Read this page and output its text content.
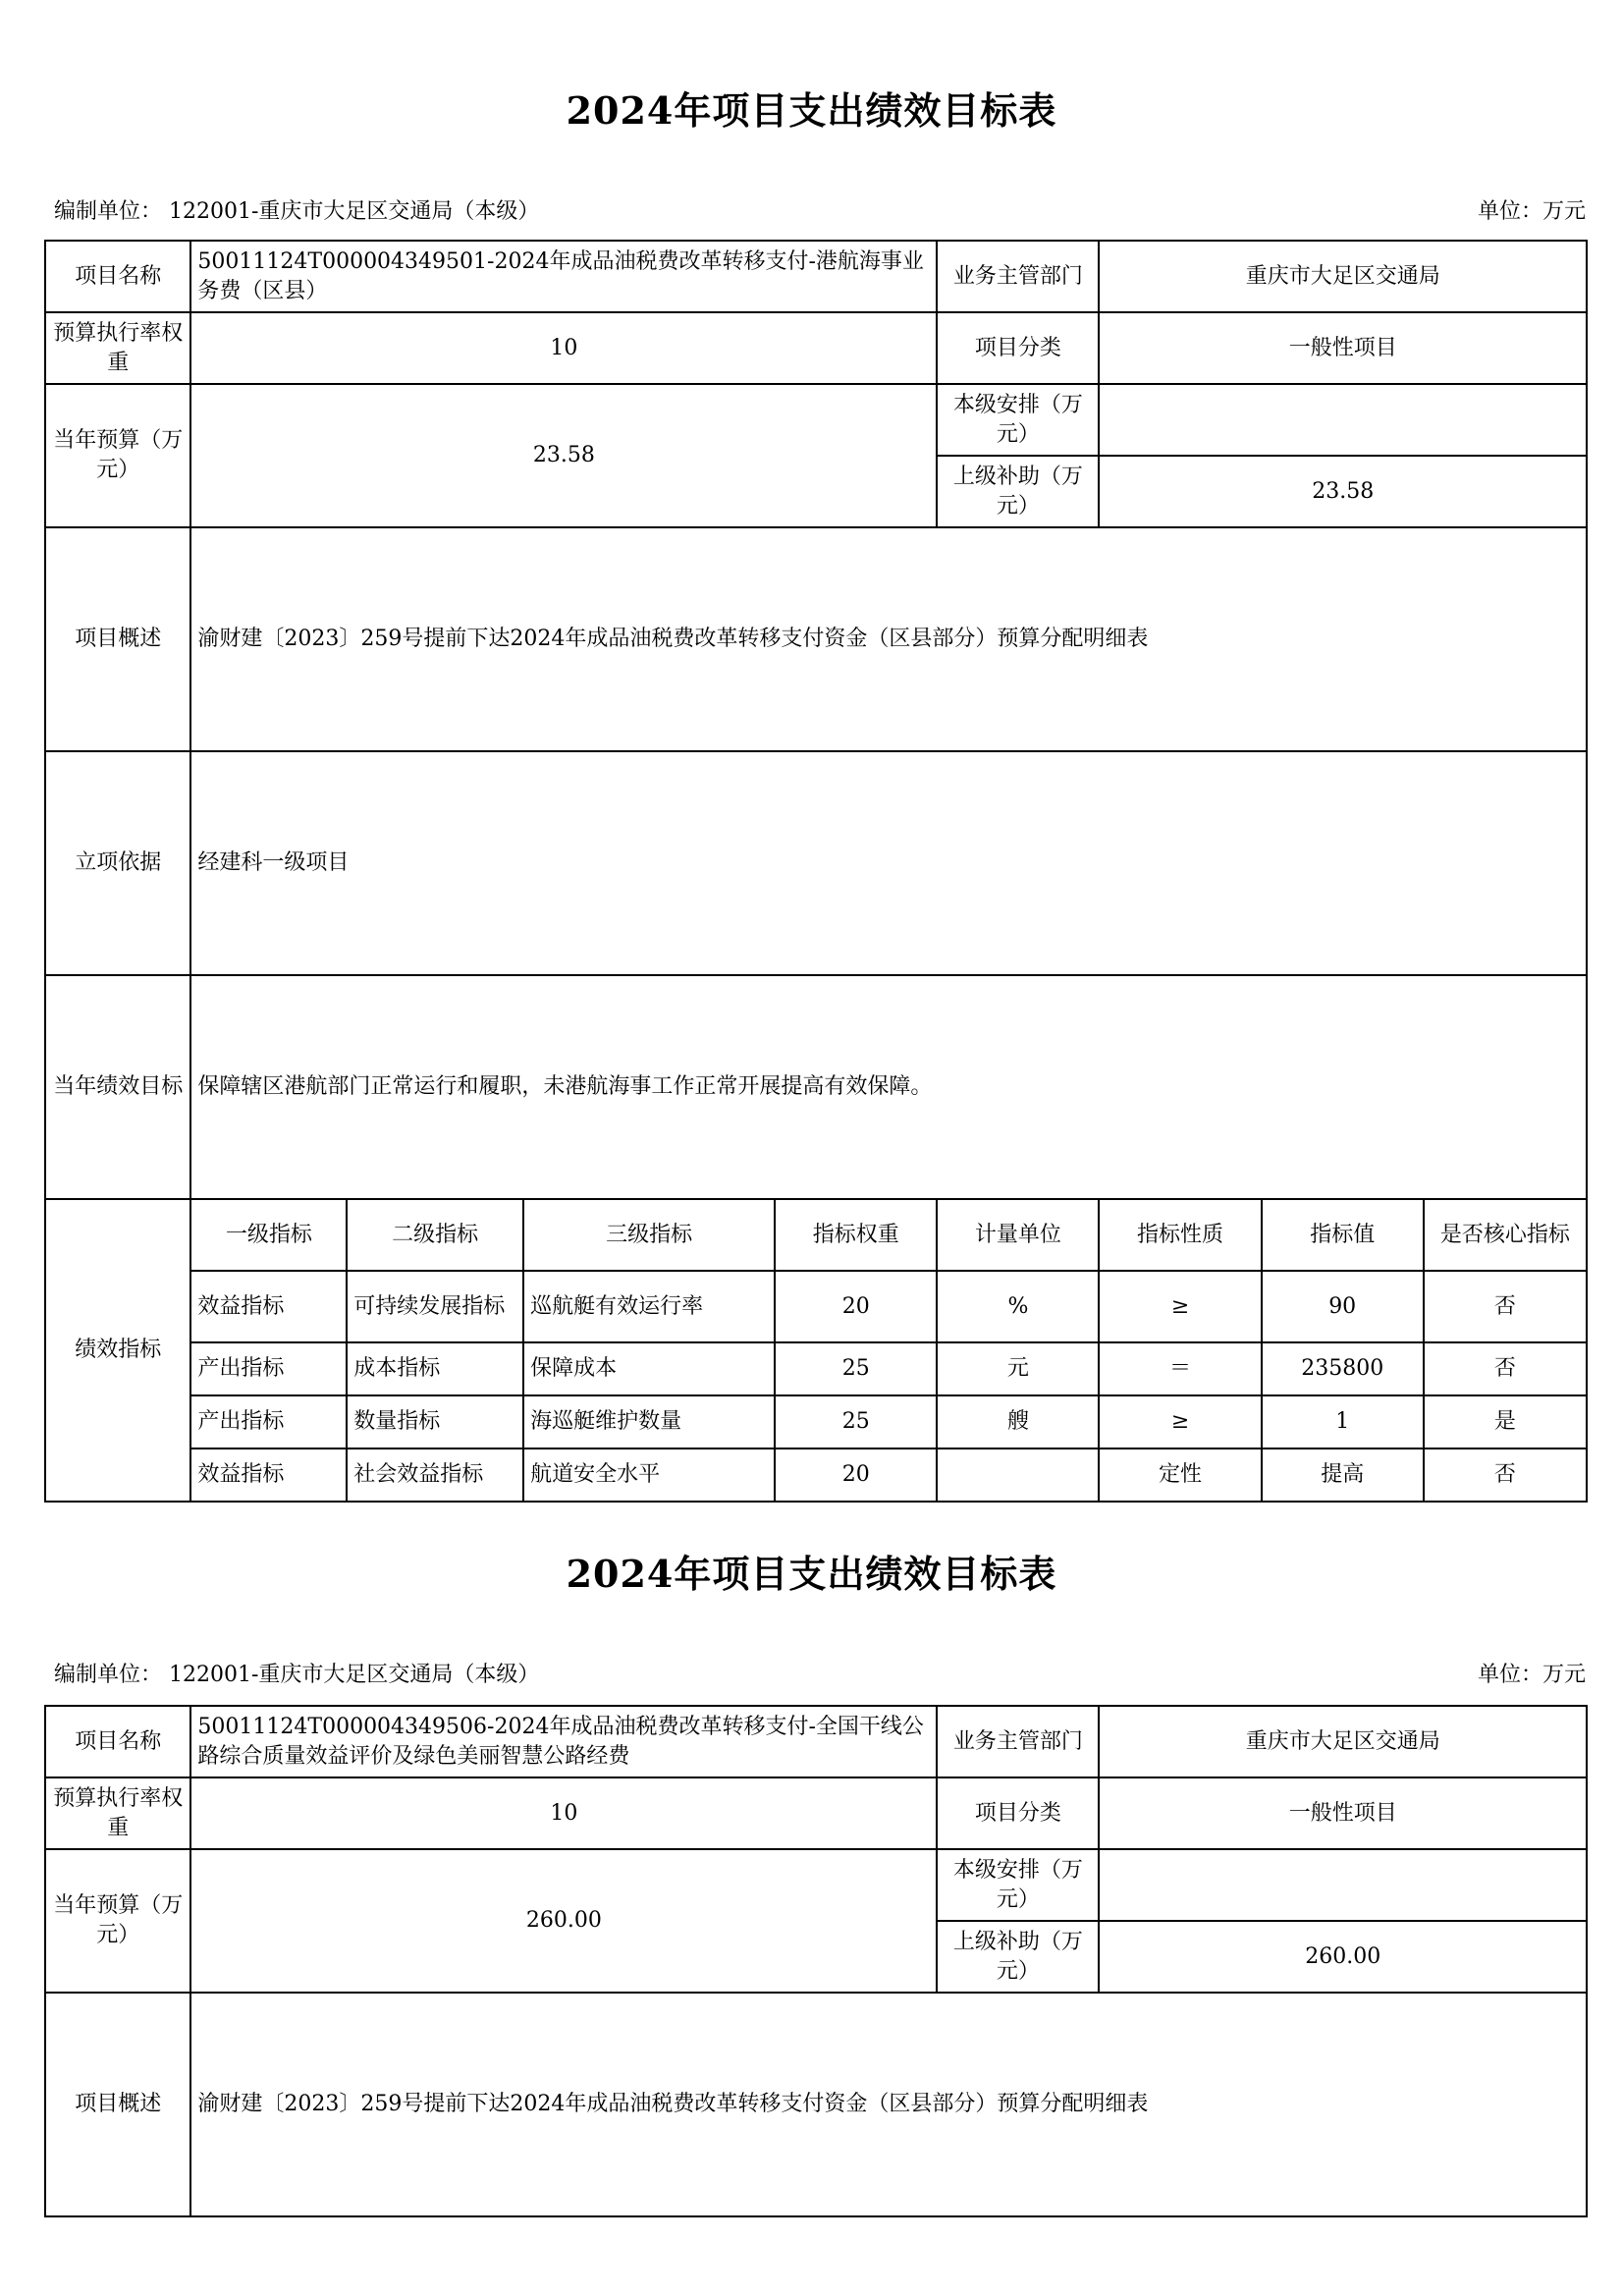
2024年项目支出绩效目标表
编制单位： 122001-重庆市大足区交通局（本级）	单位：万元
项目名称	50011124T000004349501-2024年成品油税费改革转移支付-港航海事业务费（区县）				业务主管部门	重庆市大足区交通局		
预算执行率权重	10				项目分类	一般性项目		
当年预算（万元）	23.58				本级安排（万元）			
					上级补助（万元）	23.58		
项目概述	渝财建〔2023〕259号提前下达2024年成品油税费改革转移支付资金（区县部分）预算分配明细表							
立项依据	经建科一级项目							
当年绩效目标	保障辖区港航部门正常运行和履职，未港航海事工作正常开展提高有效保障。							
绩效指标	一级指标	二级指标	三级指标	指标权重	计量单位	指标性质	指标值	是否核心指标
	效益指标	可持续发展指标	巡航艇有效运行率	20	%	≥	90	否
	产出指标	成本指标	保障成本	25	元	＝	235800	否
	产出指标	数量指标	海巡艇维护数量	25	艘	≥	1	是
	效益指标	社会效益指标	航道安全水平	20		定性	提高	否
2024年项目支出绩效目标表
编制单位： 122001-重庆市大足区交通局（本级）	单位：万元
项目名称	50011124T000004349506-2024年成品油税费改革转移支付-全国干线公路综合质量效益评价及绿色美丽智慧公路经费	业务主管部门	重庆市大足区交通局
预算执行率权重	10	项目分类	一般性项目
当年预算（万元）	260.00	本级安排（万元）	
		上级补助（万元）	260.00
项目概述	渝财建〔2023〕259号提前下达2024年成品油税费改革转移支付资金（区县部分）预算分配明细表		
